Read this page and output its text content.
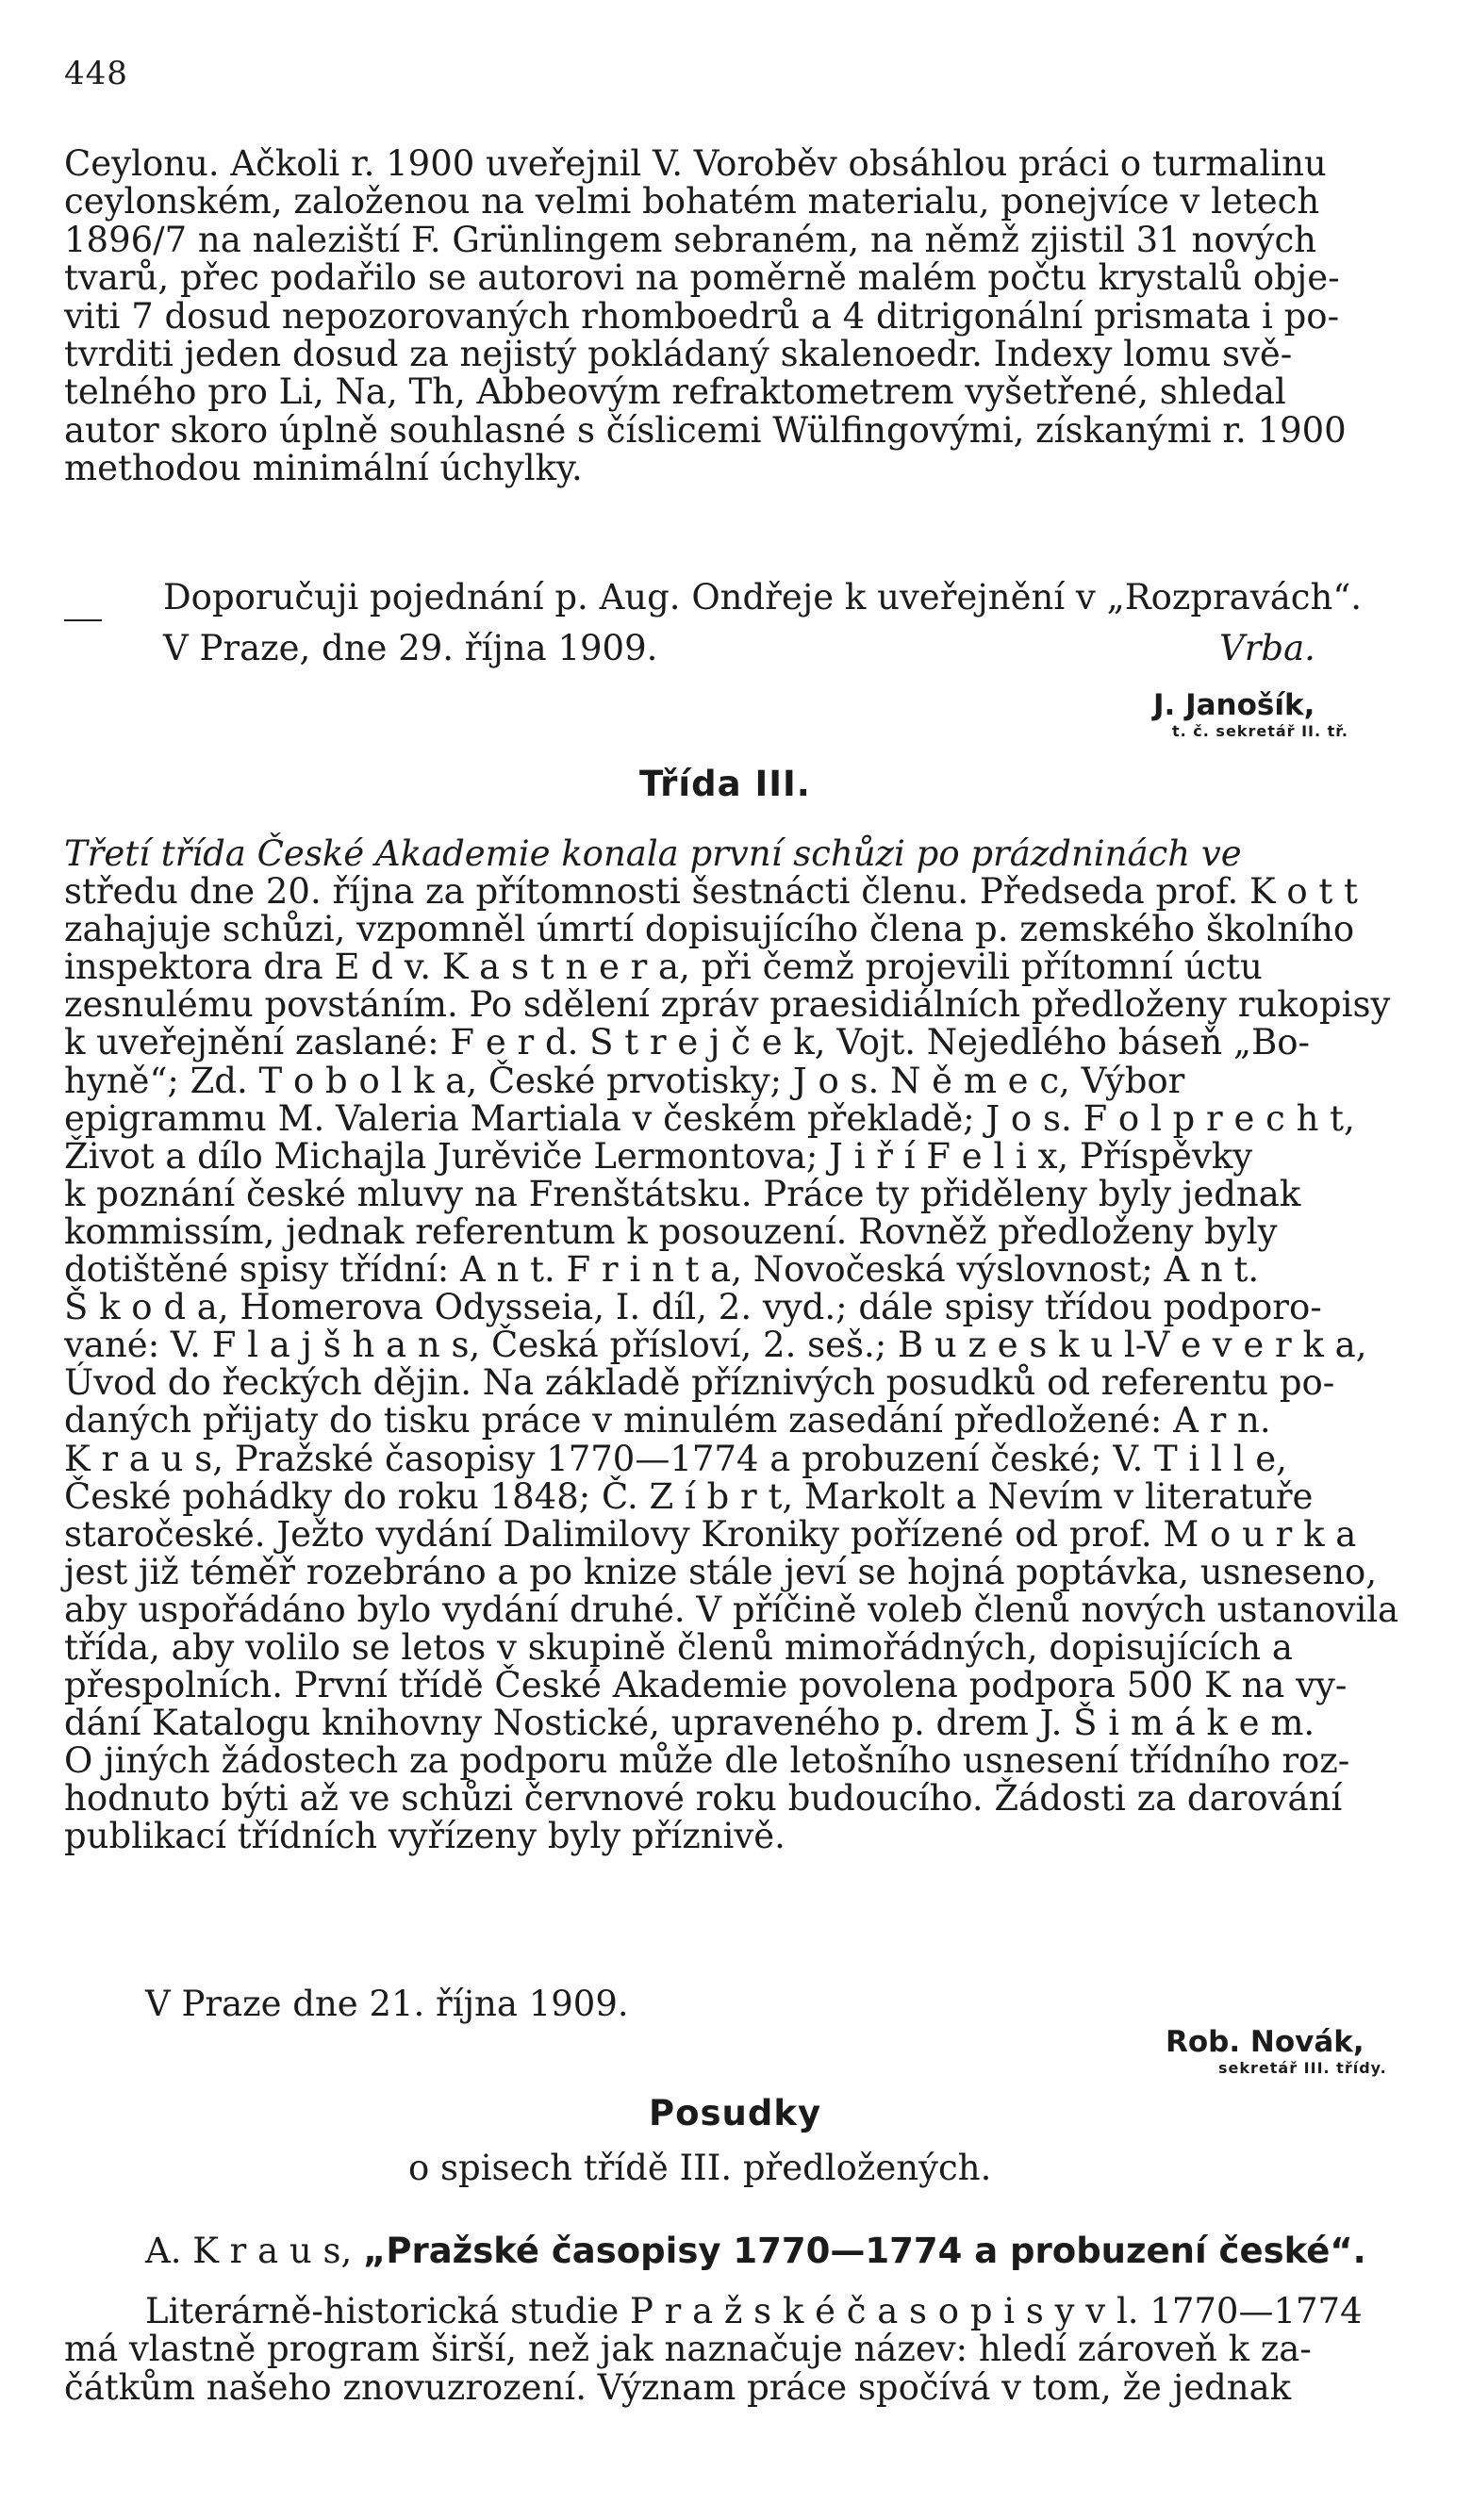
448
Ceylonu. Ačkoli r. 1900 uveřejnil V. Voroběv obsáhlou práci o turmalinu
ceylonském, založenou na velmi bohatém materialu, ponejvíce v letech
1896/7 na naleziští F. Grünlingem sebraném, na němž zjistil 31 nových
tvarů, přec podařilo se autorovi na poměrně malém počtu krystalů obje-
viti 7 dosud nepozorovaných rhomboedrů a 4 ditrigonální prismata i po-
tvrditi jeden dosud za nejistý pokládaný skalenoedr. Indexy lomu svě-
telného pro Li, Na, Th, Abbeovým refraktometrem vyšetřené, shledal
autor skoro úplně souhlasné s číslicemi Wülfingovými, získanými r. 1900
methodou minimální úchylky.
Doporučuji pojednání p. Aug. Ondřeje k uveřejnění v „Rozpravách“.
V Praze, dne 29. října 1909.	Vrba.
J. Janošík,
t. č. sekretář II. tř.
Třída III.
Třetí třída České Akademie konala první schůzi po prázdninách ve
středu dne 20. října za přítomnosti šestnácti členu. Předseda prof. K o t t
zahajuje schůzi, vzpomněl úmrtí dopisujícího člena p. zemského školního
inspektora dra E d v. K a s t n e r a, při čemž projevili přítomní úctu
zesnulému povstáním. Po sdělení zpráv praesidiálních předloženy rukopisy
k uveřejnění zaslané: F e r d. S t r e j č e k, Vojt. Nejedlého báseň „Bo-
hyně“; Zd. T o b o l k a, České prvotisky; J o s. N ě m e c, Výbor
epigrammu M. Valeria Martiala v českém překladě; J o s. F o l p r e c h t,
Život a dílo Michajla Jurěviče Lermontova; J i ř í F e l i x, Příspěvky
k poznání české mluvy na Frenštátsku. Práce ty přiděleny byly jednak
kommissím, jednak referentum k posouzení. Rovněž předloženy byly
dotištěné spisy třídní: A n t. F r i n t a, Novočeská výslovnost; A n t.
Š k o d a, Homerova Odysseia, I. díl, 2. vyd.; dále spisy třídou podporo-
vané: V. F l a j š h a n s, Česká přísloví, 2. seš.; B u z e s k u l-V e v e r k a,
Úvod do řeckých dějin. Na základě příznivých posudků od referentu po-
daných přijaty do tisku práce v minulém zasedání předložené: A r n.
K r a u s, Pražské časopisy 1770—1774 a probuzení české; V. T i l l e,
České pohádky do roku 1848; Č. Z í b r t, Markolt a Nevím v literatuře
staročeské. Ježto vydání Dalimilovy Kroniky pořízené od prof. M o u r k a
jest již téměř rozebráno a po knize stále jeví se hojná poptávka, usneseno,
aby uspořádáno bylo vydání druhé. V příčině voleb členů nových ustanovila
třída, aby volilo se letos v skupině členů mimořádných, dopisujících a
přespolních. První třídě České Akademie povolena podpora 500 K na vy-
dání Katalogu knihovny Nostické, upraveného p. drem J. Š i m á k e m.
O jiných žádostech za podporu může dle letošního usnesení třídního roz-
hodnuto býti až ve schůzi červnové roku budoucího. Žádosti za darování
publikací třídních vyřízeny byly příznivě.
V Praze dne 21. října 1909.
Rob. Novák,
sekretář III. třídy.
Posudky
o spisech třídě III. předložených.
A. K r a u s, „Pražské časopisy 1770—1774 a probuzení české“.
Literárně-historická studie P r a ž s k é č a s o p i s y v l. 1770—1774
má vlastně program širší, než jak naznačuje název: hledí zároveň k za-
čátkům našeho znovuzrození. Význam práce spočívá v tom, že jednak
